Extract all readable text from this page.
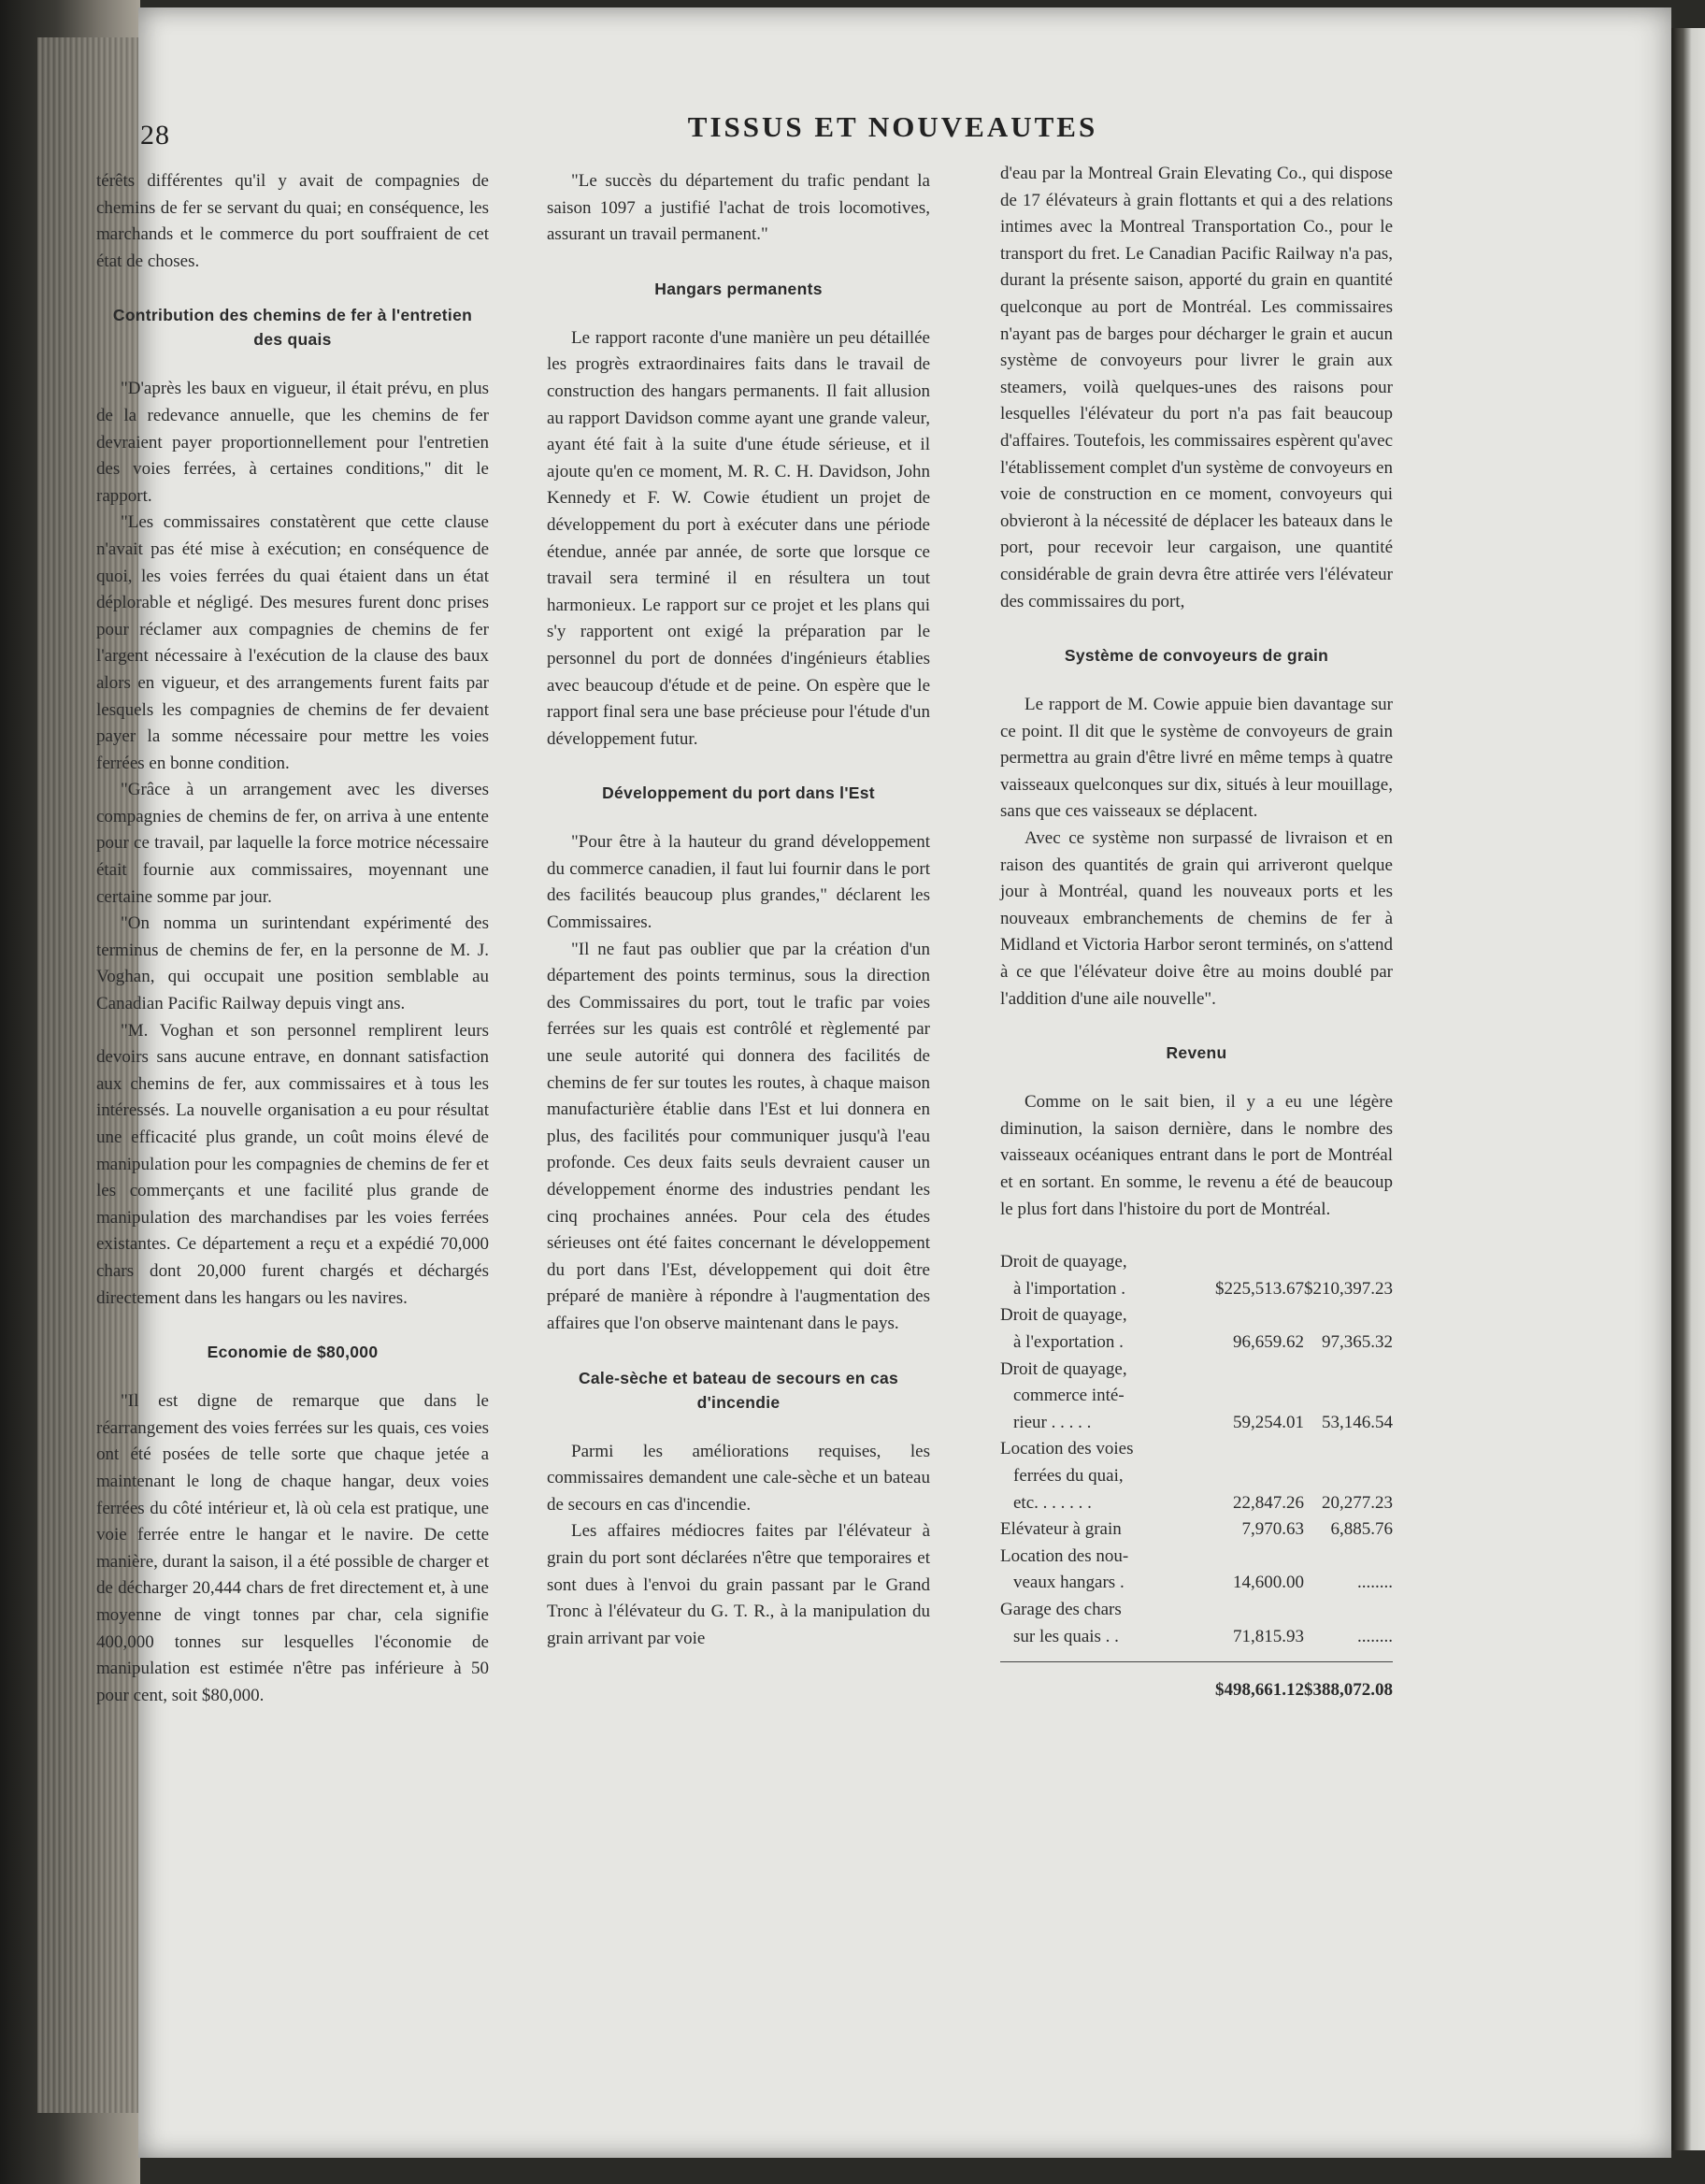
28	TISSUS ET NOUVEAUTES

térêts différentes qu'il y avait de compagnies de chemins de fer se servant du quai; en conséquence, les marchands et le commerce du port souffraient de cet état de choses.

Contribution des chemins de fer à l'entretien des quais

"D'après les baux en vigueur, il était prévu, en plus de la redevance annuelle, que les chemins de fer devraient payer proportionnellement pour l'entretien des voies ferrées, à certaines conditions," dit le rapport.

"Les commissaires constatèrent que cette clause n'avait pas été mise à exécution; en conséquence de quoi, les voies ferrées du quai étaient dans un état déplorable et négligé. Des mesures furent donc prises pour réclamer aux compagnies de chemins de fer l'argent nécessaire à l'exécution de la clause des baux alors en vigueur, et des arrangements furent faits par lesquels les compagnies de chemins de fer devaient payer la somme nécessaire pour mettre les voies ferrées en bonne condition.

"Grâce à un arrangement avec les diverses compagnies de chemins de fer, on arriva à une entente pour ce travail, par laquelle la force motrice nécessaire était fournie aux commissaires, moyennant une certaine somme par jour.

"On nomma un surintendant expérimenté des terminus de chemins de fer, en la personne de M. J. Voghan, qui occupait une position semblable au Canadian Pacific Railway depuis vingt ans.

"M. Voghan et son personnel remplirent leurs devoirs sans aucune entrave, en donnant satisfaction aux chemins de fer, aux commissaires et à tous les intéressés. La nouvelle organisation a eu pour résultat une efficacité plus grande, un coût moins élevé de manipulation pour les compagnies de chemins de fer et les commerçants et une facilité plus grande de manipulation des marchandises par les voies ferrées existantes. Ce département a reçu et a expédié 70,000 chars dont 20,000 furent chargés et déchargés directement dans les hangars ou les navires.

Economie de $80,000

"Il est digne de remarque que dans le réarrangement des voies ferrées sur les quais, ces voies ont été posées de telle sorte que chaque jetée a maintenant le long de chaque hangar, deux voies ferrées du côté intérieur et, là où cela est pratique, une voie ferrée entre le hangar et le navire. De cette manière, durant la saison, il a été possible de charger et de décharger 20,444 chars de fret directement et, à une moyenne de vingt tonnes par char, cela signifie 400,000 tonnes sur lesquelles l'économie de manipulation est estimée n'être pas inférieure à 50 pour cent, soit $80,000.

"Le succès du département du trafic pendant la saison 1097 a justifié l'achat de trois locomotives, assurant un travail permanent."

Hangars permanents

Le rapport raconte d'une manière un peu détaillée les progrès extraordinaires faits dans le travail de construction des hangars permanents. Il fait allusion au rapport Davidson comme ayant une grande valeur, ayant été fait à la suite d'une étude sérieuse, et il ajoute qu'en ce moment, M. R. C. H. Davidson, John Kennedy et F. W. Cowie étudient un projet de développement du port à exécuter dans une période étendue, année par année, de sorte que lorsque ce travail sera terminé il en résultera un tout harmonieux. Le rapport sur ce projet et les plans qui s'y rapportent ont exigé la préparation par le personnel du port de données d'ingénieurs établies avec beaucoup d'étude et de peine. On espère que le rapport final sera une base précieuse pour l'étude d'un développement futur.

Développement du port dans l'Est

"Pour être à la hauteur du grand développement du commerce canadien, il faut lui fournir dans le port des facilités beaucoup plus grandes," déclarent les Commissaires.

"Il ne faut pas oublier que par la création d'un département des points terminus, sous la direction des Commissaires du port, tout le trafic par voies ferrées sur les quais est contrôlé et règlementé par une seule autorité qui donnera des facilités de chemins de fer sur toutes les routes, à chaque maison manufacturière établie dans l'Est et lui donnera en plus, des facilités pour communiquer jusqu'à l'eau profonde. Ces deux faits seuls devraient causer un développement énorme des industries pendant les cinq prochaines années. Pour cela des études sérieuses ont été faites concernant le développement du port dans l'Est, développement qui doit être préparé de manière à répondre à l'augmentation des affaires que l'on observe maintenant dans le pays.

Cale-sèche et bateau de secours en cas d'incendie

Parmi les améliorations requises, les commissaires demandent une cale-sèche et un bateau de secours en cas d'incendie.

Les affaires médiocres faites par l'élévateur à grain du port sont déclarées n'être que temporaires et sont dues à l'envoi du grain passant par le Grand Tronc à l'élévateur du G. T. R., à la manipulation du grain arrivant par voie

d'eau par la Montreal Grain Elevating Co., qui dispose de 17 élévateurs à grain flottants et qui a des relations intimes avec la Montreal Transportation Co., pour le transport du fret. Le Canadian Pacific Railway n'a pas, durant la présente saison, apporté du grain en quantité quelconque au port de Montréal. Les commissaires n'ayant pas de barges pour décharger le grain et aucun système de convoyeurs pour livrer le grain aux steamers, voilà quelques-unes des raisons pour lesquelles l'élévateur du port n'a pas fait beaucoup d'affaires. Toutefois, les commissaires espèrent qu'avec l'établissement complet d'un système de convoyeurs en voie de construction en ce moment, convoyeurs qui obvieront à la nécessité de déplacer les bateaux dans le port, pour recevoir leur cargaison, une quantité considérable de grain devra être attirée vers l'élévateur des commissaires du port,

Système de convoyeurs de grain

Le rapport de M. Cowie appuie bien davantage sur ce point. Il dit que le système de convoyeurs de grain permettra au grain d'être livré en même temps à quatre vaisseaux quelconques sur dix, situés à leur mouillage, sans que ces vaisseaux se déplacent.

Avec ce système non surpassé de livraison et en raison des quantités de grain qui arriveront quelque jour à Montréal, quand les nouveaux ports et les nouveaux embranchements de chemins de fer à Midland et Victoria Harbor seront terminés, on s'attend à ce que l'élévateur doive être au moins doublé par l'addition d'une aile nouvelle".

Revenu

Comme on le sait bien, il y a eu une légère diminution, la saison dernière, dans le nombre des vaisseaux océaniques entrant dans le port de Montréal et en sortant. En somme, le revenu a été de beaucoup le plus fort dans l'histoire du port de Montréal.

Droit de quayage,		
à l'importation .	$225,513.67	$210,397.23
Droit de quayage,		
à l'exportation .	96,659.62	97,365.32
Droit de quayage,		
commerce inté-		
rieur . . . . .	59,254.01	53,146.54
Location des voies		
ferrées du quai,		
etc. . . . . . .	22,847.26	20,277.23
Elévateur à grain	7,970.63	6,885.76
Location des nou-		
veaux hangars .	14,600.00	........
Garage des chars		
sur les quais . .	71,815.93	........

	$498,661.12	$388,072.08
